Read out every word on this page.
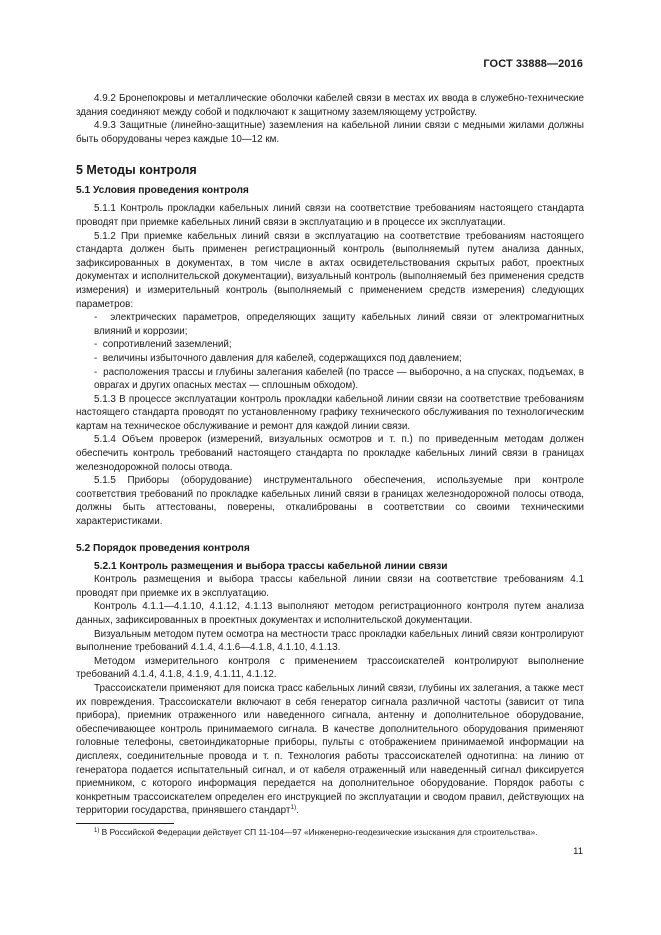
ГОСТ 33888—2016

4.9.2 Бронепокровы и металлические оболочки кабелей связи в местах их ввода в служебно-технические здания соединяют между собой и подключают к защитному заземляющему устройству.

4.9.3 Защитные (линейно-защитные) заземления на кабельной линии связи с медными жилами должны быть оборудованы через каждые 10—12 км.

5 Методы контроля
5.1 Условия проведения контроля

5.1.1 Контроль прокладки кабельных линий связи на соответствие требованиям настоящего стандарта проводят при приемке кабельных линий связи в эксплуатацию и в процессе их эксплуатации.

5.1.2 При приемке кабельных линий связи в эксплуатацию на соответствие требованиям настоящего стандарта должен быть применен регистрационный контроль (выполняемый путем анализа данных, зафиксированных в документах, в том числе в актах освидетельствования скрытых работ, проектных документах и исполнительской документации), визуальный контроль (выполняемый без применения средств измерения) и измерительный контроль (выполняемый с применением средств измерения) следующих параметров:

-  электрических параметров, определяющих защиту кабельных линий связи от электромагнитных влияний и коррозии;

-  сопротивлений заземлений;

-  величины избыточного давления для кабелей, содержащихся под давлением;

-  расположения трассы и глубины залегания кабелей (по трассе — выборочно, а на спусках, подъемах, в оврагах и других опасных местах — сплошным обходом).

5.1.3 В процессе эксплуатации контроль прокладки кабельной линии связи на соответствие требованиям настоящего стандарта проводят по установленному графику технического обслуживания по технологическим картам на техническое обслуживание и ремонт для каждой линии связи.

5.1.4 Объем проверок (измерений, визуальных осмотров и т. п.) по приведенным методам должен обеспечить контроль требований настоящего стандарта по прокладке кабельных линий связи в границах железнодорожной полосы отвода.

5.1.5 Приборы (оборудование) инструментального обеспечения, используемые при контроле соответствия требований по прокладке кабельных линий связи в границах железнодорожной полосы отвода, должны быть аттестованы, поверены, откалиброваны в соответствии со своими техническими характеристиками.

5.2 Порядок проведения контроля

5.2.1 Контроль размещения и выбора трассы кабельной линии связи

Контроль размещения и выбора трассы кабельной линии связи на соответствие требованиям 4.1 проводят при приемке их в эксплуатацию.

Контроль 4.1.1—4.1.10, 4.1.12, 4.1.13 выполняют методом регистрационного контроля путем анализа данных, зафиксированных в проектных документах и исполнительской документации.

Визуальным методом путем осмотра на местности трасс прокладки кабельных линий связи контролируют выполнение требований 4.1.4, 4.1.6—4.1.8, 4.1.10, 4.1.13.

Методом измерительного контроля с применением трассоискателей контролируют выполнение требований 4.1.4, 4.1.8, 4.1.9, 4.1.11, 4.1.12.

Трассоискатели применяют для поиска трасс кабельных линий связи, глубины их залегания, а также мест их повреждения. Трассоискатели включают в себя генератор сигнала различной частоты (зависит от типа прибора), приемник отраженного или наведенного сигнала, антенну и дополнительное оборудование, обеспечивающее контроль принимаемого сигнала. В качестве дополнительного оборудования применяют головные телефоны, светоиндикаторные приборы, пульты с отображением принимаемой информации на дисплеях, соединительные провода и т. п. Технология работы трассоискателей однотипна: на линию от генератора подается испытательный сигнал, и от кабеля отраженный или наведенный сигнал фиксируется приемником, с которого информация передается на дополнительное оборудование. Порядок работы с конкретным трассоискателем определен его инструкцией по эксплуатации и сводом правил, действующих на территории государства, принявшего стандарт$^{1)}$.

$^{1)}$ В Российской Федерации действует СП 11-104—97 «Инженерно-геодезические изыскания для строительства».
11
